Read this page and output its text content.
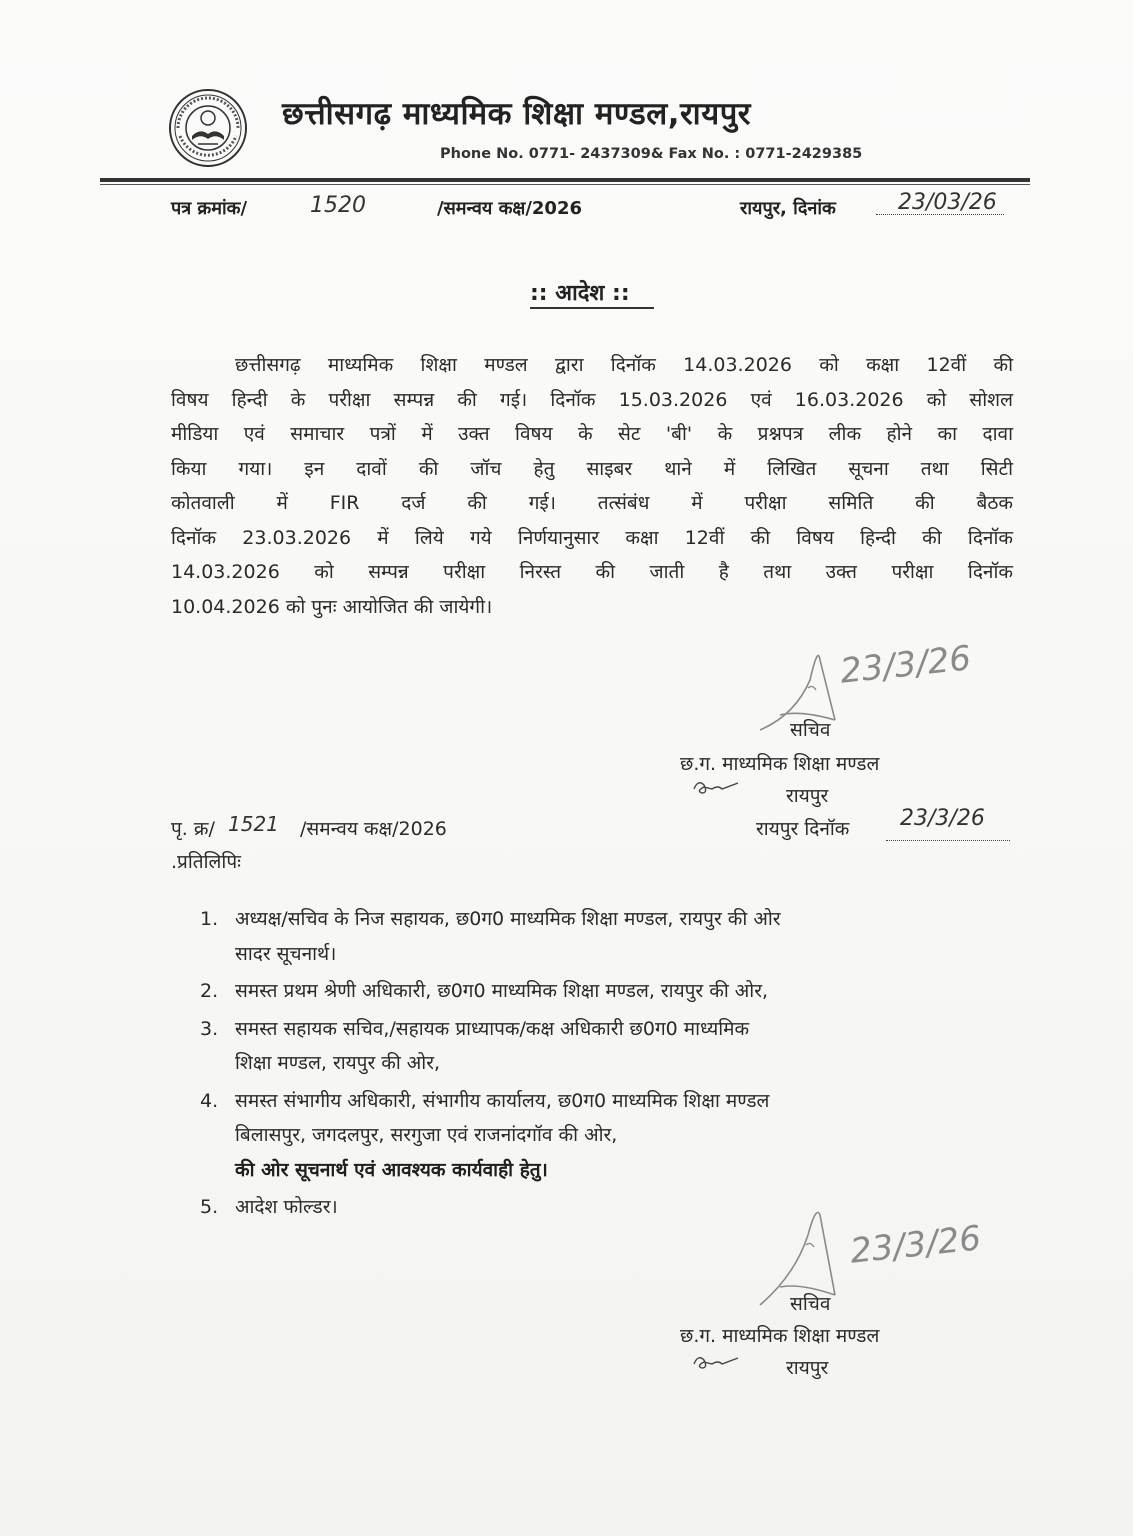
छत्तीसगढ़ माध्यमिक शिक्षा मण्डल,रायपुर
Phone No. 0771- 2437309& Fax No. : 0771-2429385
पत्र क्रमांक/	1520	/समन्वय कक्ष/2026	रायपुर, दिनांक	23/03/26
:: आदेश ::
छत्तीसगढ़ माध्यमिक शिक्षा मण्डल द्वारा दिनॉक 14.03.2026 को कक्षा 12वीं की
विषय हिन्दी के परीक्षा सम्पन्न की गई। दिनॉक 15.03.2026 एवं 16.03.2026 को सोशल
मीडिया एवं समाचार पत्रों में उक्त विषय के सेट 'बी' के प्रश्नपत्र लीक होने का दावा
किया गया। इन दावों की जॉच हेतु साइबर थाने में लिखित सूचना तथा सिटी
कोतवाली में FIR दर्ज की गई। तत्संबंध में परीक्षा समिति की बैठक
दिनॉक 23.03.2026 में लिये गये निर्णयानुसार कक्षा 12वीं की विषय हिन्दी की दिनॉक
14.03.2026 को सम्पन्न परीक्षा निरस्त की जाती है तथा उक्त परीक्षा दिनॉक
10.04.2026 को पुनः आयोजित की जायेगी।
23/3/26
सचिव
छ.ग. माध्यमिक शिक्षा मण्डल
रायपुर
पृ. क्र/ 1521 /समन्वय कक्ष/2026	रायपुर दिनॉक 23/3/26
.प्रतिलिपिः
1. अध्यक्ष/सचिव के निज सहायक, छ0ग0 माध्यमिक शिक्षा मण्डल, रायपुर की ओर
सादर सूचनार्थ।
2. समस्त प्रथम श्रेणी अधिकारी, छ0ग0 माध्यमिक शिक्षा मण्डल, रायपुर की ओर,
3. समस्त सहायक सचिव,/सहायक प्राध्यापक/कक्ष अधिकारी छ0ग0 माध्यमिक
शिक्षा मण्डल, रायपुर की ओर,
4. समस्त संभागीय अधिकारी, संभागीय कार्यालय, छ0ग0 माध्यमिक शिक्षा मण्डल
बिलासपुर, जगदलपुर, सरगुजा एवं राजनांदगॉव की ओर,
की ओर सूचनार्थ एवं आवश्यक कार्यवाही हेतु।
5. आदेश फोल्डर।
23/3/26
सचिव
छ.ग. माध्यमिक शिक्षा मण्डल
रायपुर
